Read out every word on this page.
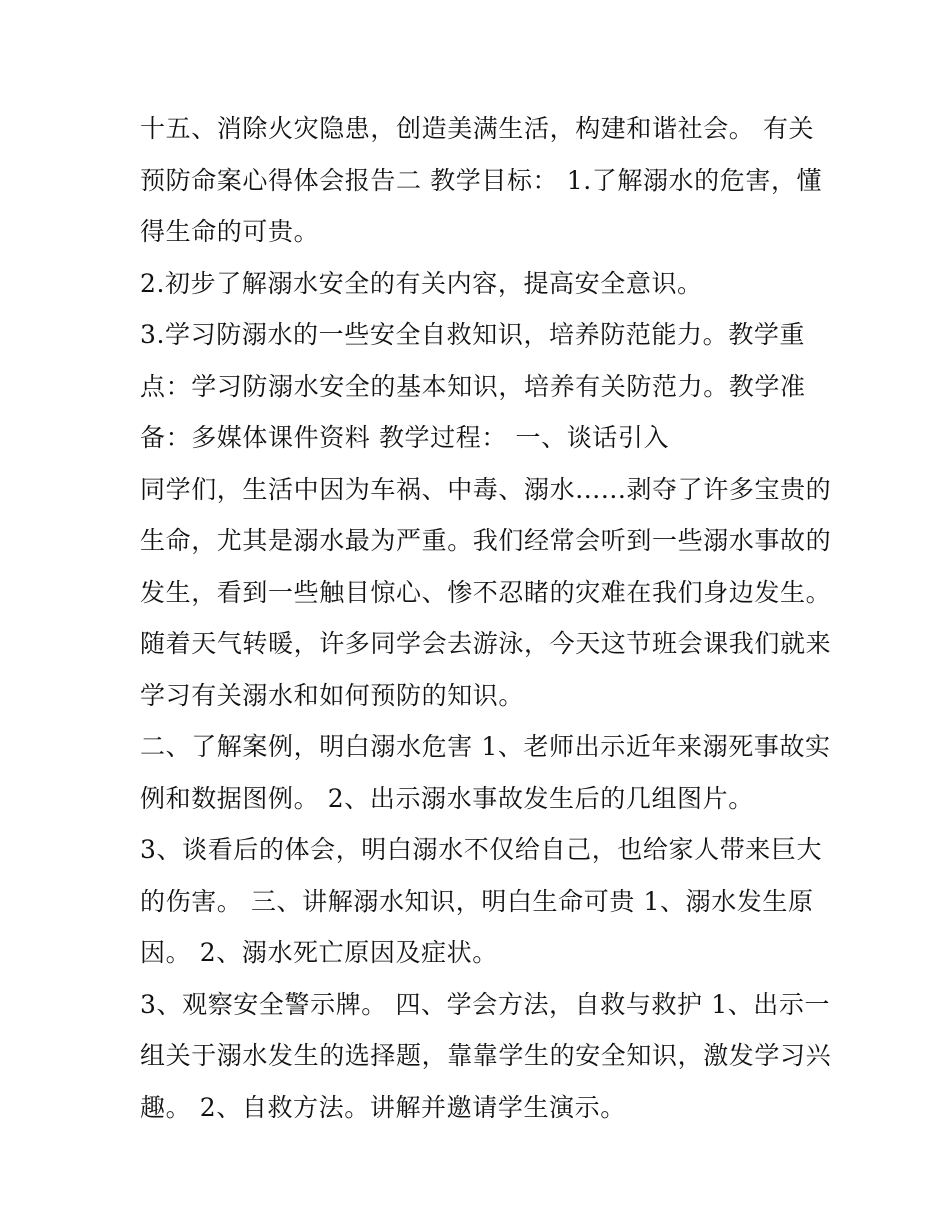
十五、消除火灾隐患，创造美满生活，构建和谐社会。 有关
预防命案心得体会报告二 教学目标： 1.了解溺水的危害，懂
得生命的可贵。
2.初步了解溺水安全的有关内容，提高安全意识。
3.学习防溺水的一些安全自救知识，培养防范能力。教学重
点：学习防溺水安全的基本知识，培养有关防范力。教学准
备：多媒体课件资料 教学过程： 一、谈话引入
同学们，生活中因为车祸、中毒、溺水......剥夺了许多宝贵的
生命，尤其是溺水最为严重。我们经常会听到一些溺水事故的
发生，看到一些触目惊心、惨不忍睹的灾难在我们身边发生。
随着天气转暖，许多同学会去游泳，今天这节班会课我们就来
学习有关溺水和如何预防的知识。
二、了解案例，明白溺水危害 1、老师出示近年来溺死事故实
例和数据图例。 2、出示溺水事故发生后的几组图片。
3、谈看后的体会，明白溺水不仅给自己，也给家人带来巨大
的伤害。 三、讲解溺水知识，明白生命可贵 1、溺水发生原
因。 2、溺水死亡原因及症状。
3、观察安全警示牌。 四、学会方法，自救与救护 1、出示一
组关于溺水发生的选择题，靠靠学生的安全知识，激发学习兴
趣。 2、自救方法。讲解并邀请学生演示。
